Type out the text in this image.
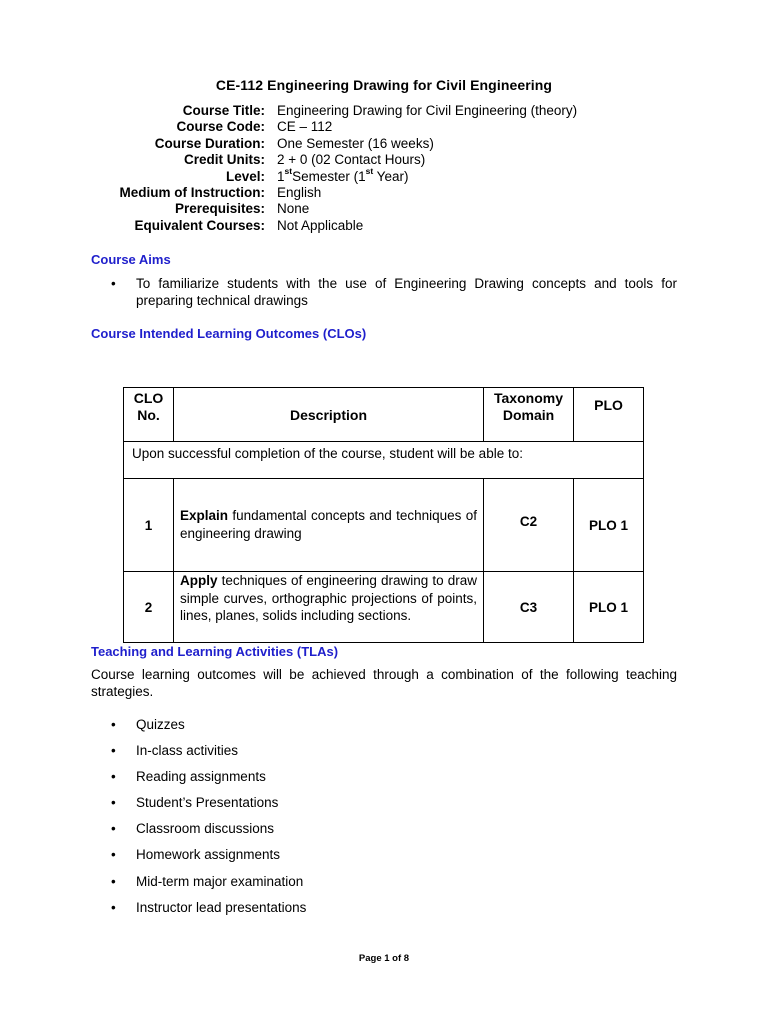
CE-112 Engineering Drawing for Civil Engineering
Course Title:	Engineering Drawing for Civil Engineering (theory)
Course Code:	CE – 112
Course Duration:	One Semester (16 weeks)
Credit Units:	2 + 0 (02 Contact Hours)
Level:	1stSemester (1st Year)
Medium of Instruction:	English
Prerequisites:	None
Equivalent Courses:	Not Applicable
Course Aims
• To familiarize students with the use of Engineering Drawing concepts and tools for preparing technical drawings
Course Intended Learning Outcomes (CLOs)
CLO No.	Description	Taxonomy Domain	PLO
Upon successful completion of the course, student will be able to:			
1	Explain fundamental concepts and techniques of engineering drawing	C2	PLO 1
2	Apply techniques of engineering drawing to draw simple curves, orthographic projections of points, lines, planes, solids including sections.	C3	PLO 1
Teaching and Learning Activities (TLAs)
Course learning outcomes will be achieved through a combination of the following teaching strategies.
• Quizzes
• In-class activities
• Reading assignments
• Student’s Presentations
• Classroom discussions
• Homework assignments
• Mid-term major examination
• Instructor lead presentations
Page 1 of 8
